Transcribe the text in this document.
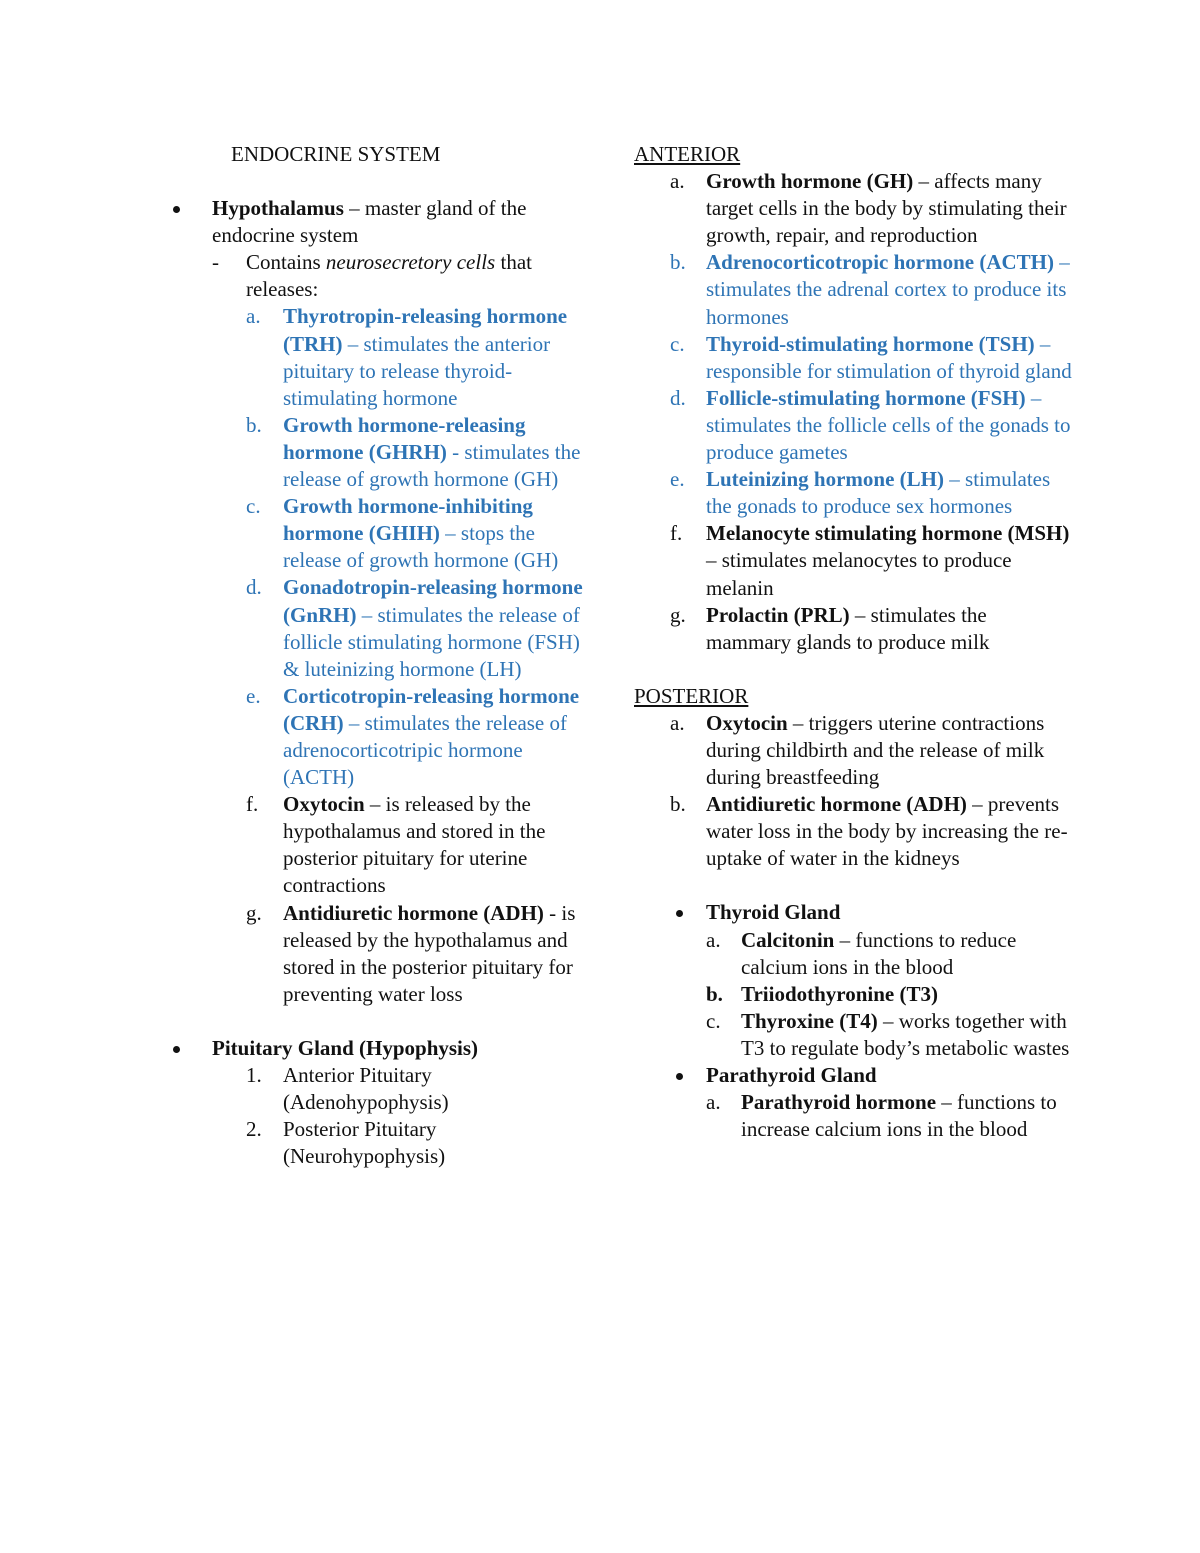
ENDOCRINE SYSTEM
Hypothalamus – master gland of the endocrine system
- Contains neurosecretory cells that releases:
a. Thyrotropin-releasing hormone (TRH) – stimulates the anterior pituitary to release thyroid-stimulating hormone
b. Growth hormone-releasing hormone (GHRH) - stimulates the release of growth hormone (GH)
c. Growth hormone-inhibiting hormone (GHIH) – stops the release of growth hormone (GH)
d. Gonadotropin-releasing hormone (GnRH) – stimulates the release of follicle stimulating hormone (FSH) & luteinizing hormone (LH)
e. Corticotropin-releasing hormone (CRH) – stimulates the release of adrenocorticotripic hormone (ACTH)
f. Oxytocin – is released by the hypothalamus and stored in the posterior pituitary for uterine contractions
g. Antidiuretic hormone (ADH) - is released by the hypothalamus and stored in the posterior pituitary for preventing water loss
Pituitary Gland (Hypophysis)
1. Anterior Pituitary (Adenohypophysis)
2. Posterior Pituitary (Neurohypophysis)
ANTERIOR
a. Growth hormone (GH) – affects many target cells in the body by stimulating their growth, repair, and reproduction
b. Adrenocorticotropic hormone (ACTH) – stimulates the adrenal cortex to produce its hormones
c. Thyroid-stimulating hormone (TSH) – responsible for stimulation of thyroid gland
d. Follicle-stimulating hormone (FSH) – stimulates the follicle cells of the gonads to produce gametes
e. Luteinizing hormone (LH) – stimulates the gonads to produce sex hormones
f. Melanocyte stimulating hormone (MSH) – stimulates melanocytes to produce melanin
g. Prolactin (PRL) – stimulates the mammary glands to produce milk
POSTERIOR
a. Oxytocin – triggers uterine contractions during childbirth and the release of milk during breastfeeding
b. Antidiuretic hormone (ADH) – prevents water loss in the body by increasing the re-uptake of water in the kidneys
Thyroid Gland
a. Calcitonin – functions to reduce calcium ions in the blood
b. Triiodothyronine (T3)
c. Thyroxine (T4) – works together with T3 to regulate body’s metabolic wastes
Parathyroid Gland
a. Parathyroid hormone – functions to increase calcium ions in the blood
